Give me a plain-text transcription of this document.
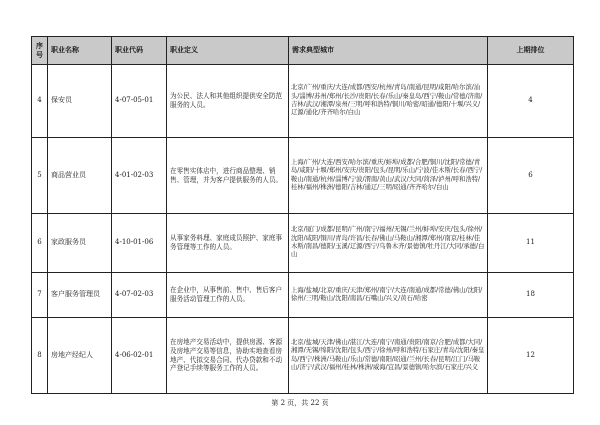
序号	职业名称	职业代码	职业定义	需求典型城市	上期排位
4	保安员	4-07-05-01	为公民、法人和其他组织提供安全防范服务的人员。	北京/广州/重庆/大连/成都/西安/杭州/青岛/南通/昆明/咸阳/哈尔滨/汕头/淄博/苏州/郑州/长沙/贵阳/长春/乐山/秦皇岛/西宁/鞍山/常德/济南/吉林/武汉/湘潭/泉州/三明/呼和浩特/铜川/哈密/昭通/德阳/十堰/兴义/辽源/通化/齐齐哈尔/白山	4
5	商品营业员	4-01-02-03	在零售实体店中，进行商品整理、销售、管理，并为客户提供服务的人员。	上海/广州/大连/西安/哈尔滨/重庆/蚌埠/成都/合肥/铜川/沈阳/常德/青岛/咸阳/十堰/郑州/安庆/贵阳/包头/昆明/乐山/宁波/佳木斯/长春/西宁/鞍山/南通/杭州/淄博/宁波/渭南/黄山/武汉/大同/菏泽/泸州/呼和浩特/桂林/福州/株洲/德阳/吉林/通辽/三明/昭通/齐齐哈尔/白山	6
6	家政服务员	4-10-01-06	从事家务料理、家庭成员照护、家庭事务管理等工作的人员。	北京/厦门/成都/昆明/广州/南宁/福州/无锡/兰州/蚌埠/安庆/包头/徐州/沈阳/咸阳/铜川/青岛/许昌/长春/佛山/马鞍山/湘潭/郑州/南京/桂林/佳木斯/南昌/德阳/玉溪/辽源/西宁/乌鲁木齐/景德镇/牡丹江/大同/承德/白山	11
7	客户服务管理员	4-07-02-03	在企业中，从事售前、售中、售后客户服务活动管理工作的人员。	上海/盐城/北京/重庆/天津/郑州/南宁/大连/南通/成都/常德/佛山/沈阳/徐州/三明/鞍山/沈阳/南昌/石嘴山/兴义/黄石/哈密	18
8	房地产经纪人	4-06-02-01	在房地产交易活动中，提供房源、客源及房地产交易等信息，协助实地查看房地产、代拟交易合同、代办贷款和不动产登记手续等服务工作的人员。	北京/盐城/天津/佛山/湛江/大连/南宁/南通/贵阳/南京/合肥/成都/大同/湘潭/无锡/绵阳/沈阳/包头/西宁/徐州/呼和浩特/石家庄/青岛/沈阳/秦皇岛/西宁/株洲/马鞍山/乐山/常德/南阳/昭通/兰州/长春/昆明/江门/马鞍山/济宁/武汉/福州/桂林/株洲/威海/宜昌/景德镇/哈尔滨/石家庄/兴义	12
第 2 页，共 22 页
